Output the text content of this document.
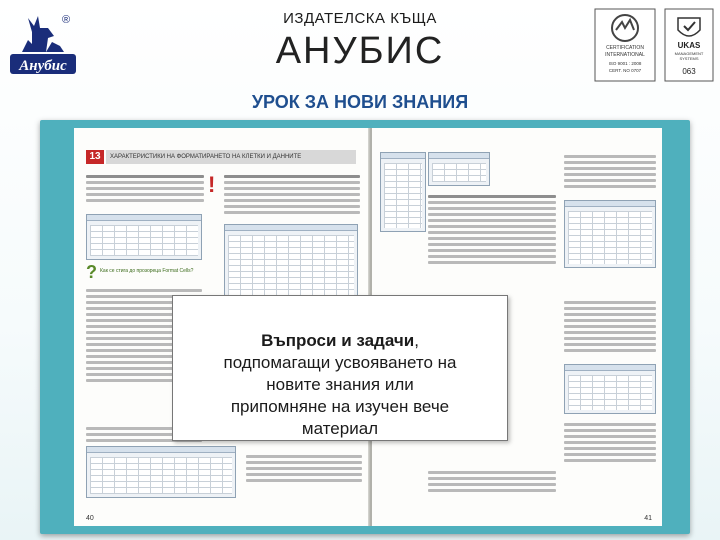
Анубис
®	ИЗДАТЕЛСКА КЪЩА
АНУБИС	CERTIFICATION
INTERNATIONAL
ISO 9001 : 2008
CERT. NO 0707
UKAS
MANAGEMENT
SYSTEMS
063
УРОК ЗА НОВИ ЗНАНИЯ
13	ХАРАКТЕРИСТИКИ НА ФОРМАТИРАНЕТО НА КЛЕТКИ И ДАННИТЕ
!
? Как се стига до прозореца Format Cells?
40	41
Въпроси и задачи,
подпомагащи усвояването на
новите знания или
припомняне на изучен вече
материал
